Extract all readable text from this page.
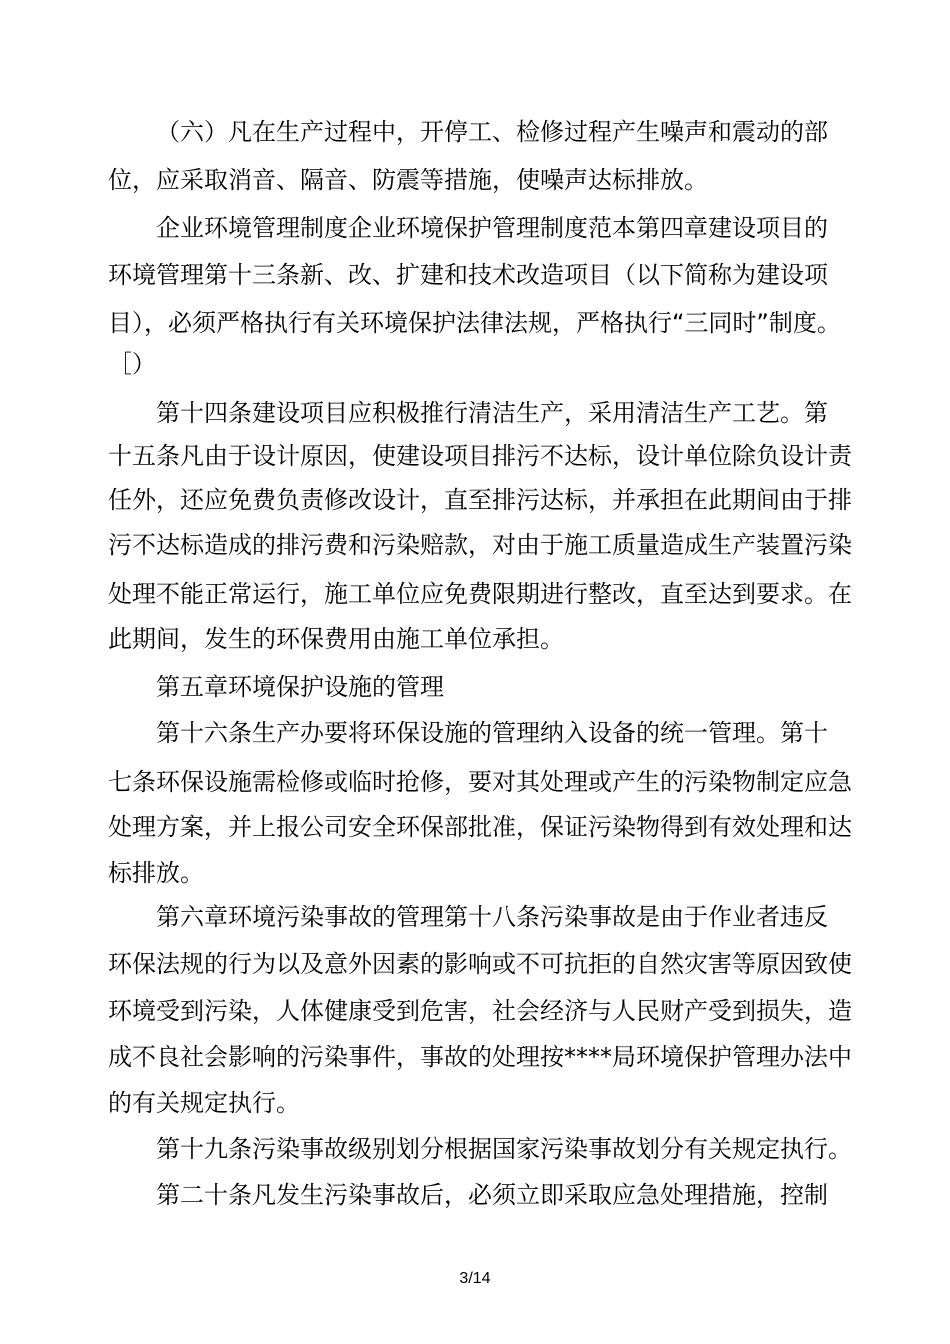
（六）凡在生产过程中，开停工、检修过程产生噪声和震动的部
位，应采取消音、隔音、防震等措施，使噪声达标排放。
企业环境管理制度企业环境保护管理制度范本第四章建设项目的
环境管理第十三条新、改、扩建和技术改造项目（以下简称为建设项
目），必须严格执行有关环境保护法律法规，严格执行“三同时”制度。
［）
第十四条建设项目应积极推行清洁生产，采用清洁生产工艺。第
十五条凡由于设计原因，使建设项目排污不达标，设计单位除负设计责
任外，还应免费负责修改设计，直至排污达标，并承担在此期间由于排
污不达标造成的排污费和污染赔款，对由于施工质量造成生产装置污染
处理不能正常运行，施工单位应免费限期进行整改，直至达到要求。在
此期间，发生的环保费用由施工单位承担。
第五章环境保护设施的管理
第十六条生产办要将环保设施的管理纳入设备的统一管理。第十
七条环保设施需检修或临时抢修，要对其处理或产生的污染物制定应急
处理方案，并上报公司安全环保部批准，保证污染物得到有效处理和达
标排放。
第六章环境污染事故的管理第十八条污染事故是由于作业者违反
环保法规的行为以及意外因素的影响或不可抗拒的自然灾害等原因致使
环境受到污染，人体健康受到危害，社会经济与人民财产受到损失，造
成不良社会影响的污染事件，事故的处理按****局环境保护管理办法中
的有关规定执行。
第十九条污染事故级别划分根据国家污染事故划分有关规定执行。
第二十条凡发生污染事故后，必须立即采取应急处理措施，控制
3/14
